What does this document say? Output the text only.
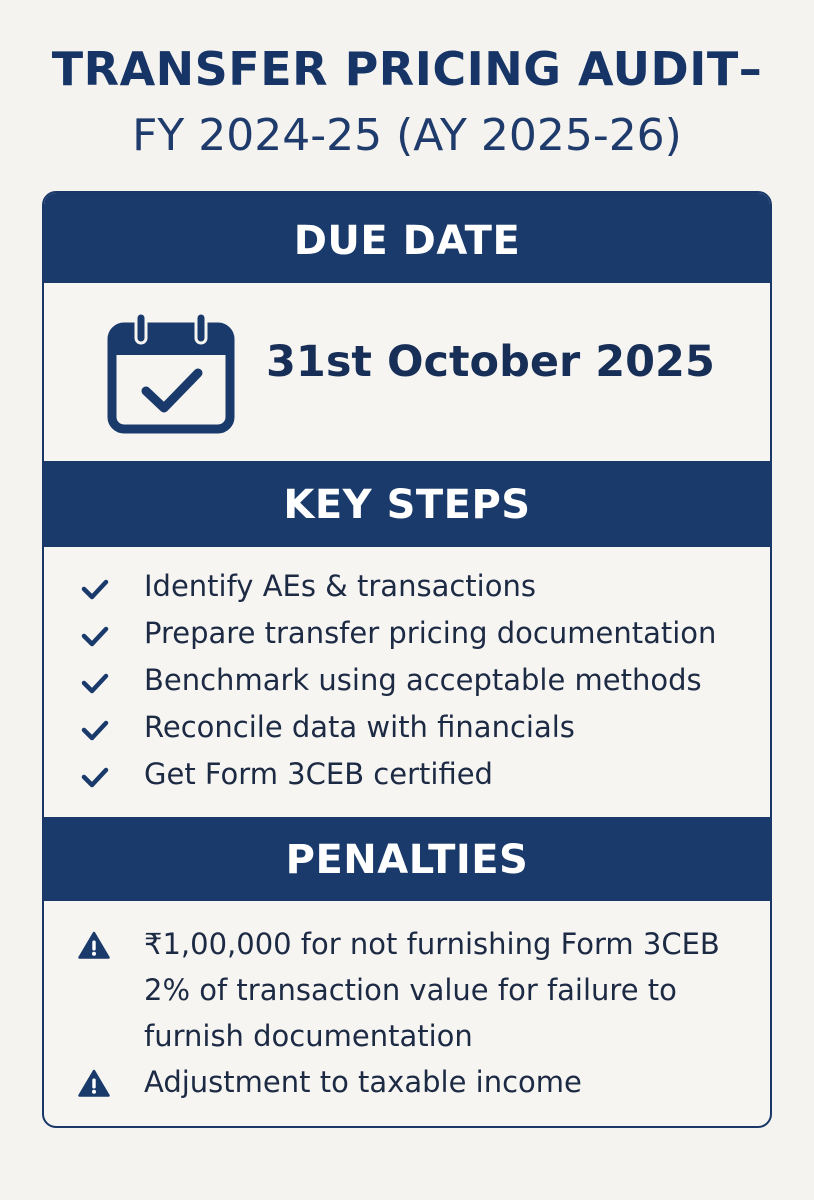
TRANSFER PRICING AUDIT–
FY 2024-25 (AY 2025-26)
DUE DATE
31st October 2025
KEY STEPS
Identify AEs & transactions
Prepare transfer pricing documentation
Benchmark using acceptable methods
Reconcile data with financials
Get Form 3CEB certified
PENALTIES
₹1,00,000 for not furnishing Form 3CEB
2% of transaction value for failure to
furnish documentation
Adjustment to taxable income
